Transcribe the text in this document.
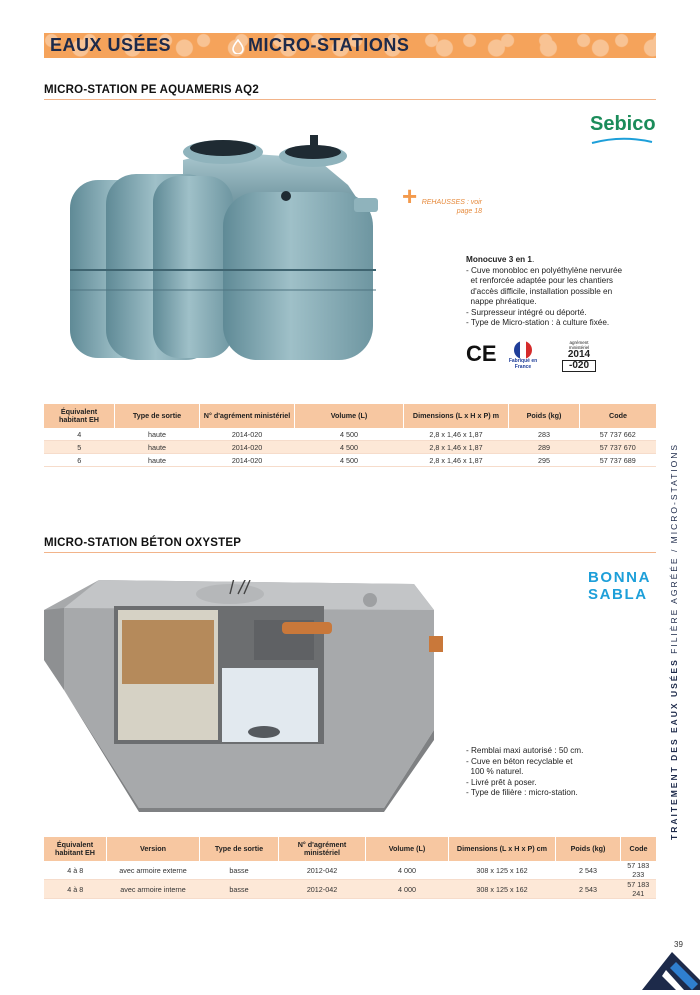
EAUX USÉES	MICRO-STATIONS
MICRO-STATION PE AQUAMERIS AQ2
Sebico
+ REHAUSSES : voir page 18
Monocuve 3 en 1.
- Cuve monobloc en polyéthylène nervurée
et renforcée adaptée pour les chantiers
d'accès difficile, installation possible en
nappe phréatique.
- Surpresseur intégré ou déporté.
- Type de Micro-station : à culture fixée.
CE	Fabriqué en France
agrément ministériel
2014
-020
Équivalent habitant EH	Type de sortie	N° d'agrément ministériel	Volume (L)	Dimensions (L x H x P) m	Poids (kg)	Code
4	haute	2014-020	4 500	2,8 x 1,46 x 1,87	283	57 737 662
5	haute	2014-020	4 500	2,8 x 1,46 x 1,87	289	57 737 670
6	haute	2014-020	4 500	2,8 x 1,46 x 1,87	295	57 737 689
MICRO-STATION BÉTON OXYSTEP
BONNA
SABLA
- Remblai maxi autorisé : 50 cm.
- Cuve en béton recyclable et
100 % naturel.
- Livré prêt à poser.
- Type de filière : micro-station.
Équivalent habitant EH	Version	Type de sortie	N° d'agrément ministériel	Volume (L)	Dimensions (L x H x P) cm	Poids (kg)	Code
4 à 8	avec armoire externe	basse	2012-042	4 000	308 x 125 x 162	2 543	57 183 233
4 à 8	avec armoire interne	basse	2012-042	4 000	308 x 125 x 162	2 543	57 183 241
TRAITEMENT DES EAUX USÉES FILIÈRE AGRÉÉE / MICRO-STATIONS
39
